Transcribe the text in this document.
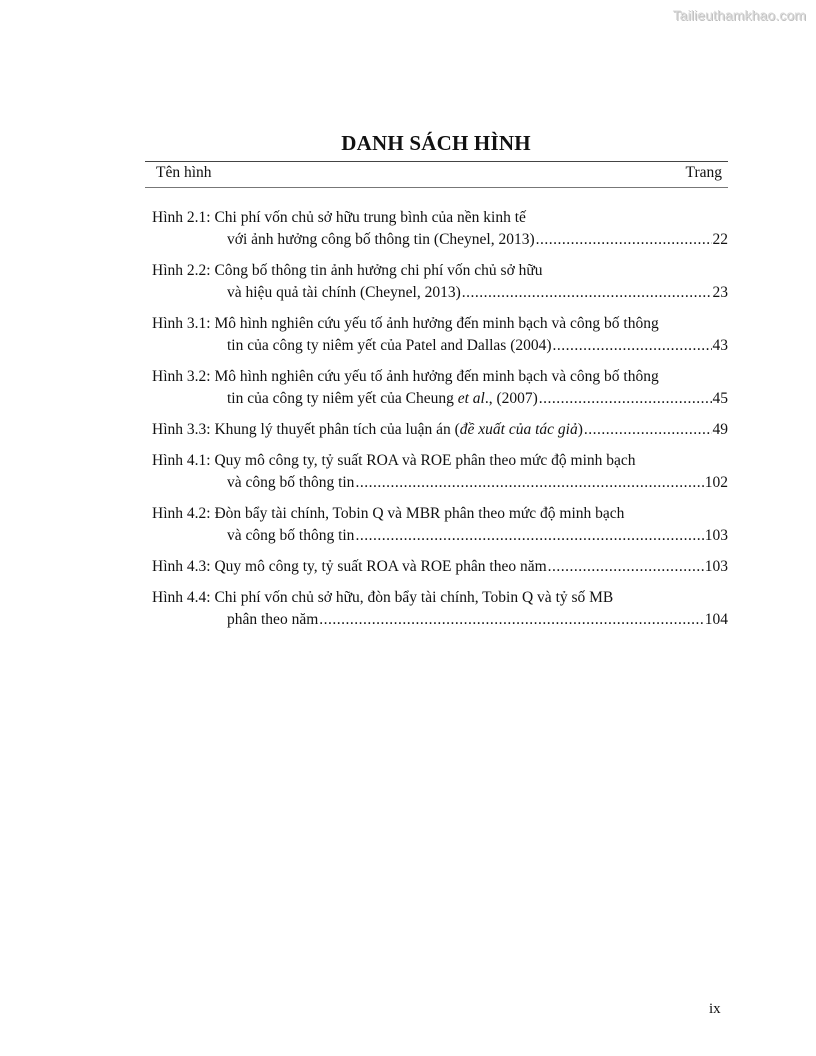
Tailieuthamkhao.com
DANH SÁCH HÌNH
Tên hình	Trang
Hình 2.1: Chi phí vốn chủ sở hữu trung bình của nền kinh tế
với ảnh hưởng công bố thông tin (Cheynel, 2013) .....	22
Hình 2.2: Công bố thông tin ảnh hưởng chi phí vốn chủ sở hữu
và hiệu quả tài chính (Cheynel, 2013) .....	23
Hình 3.1: Mô hình nghiên cứu yếu tố ảnh hưởng đến minh bạch và công bố thông
tin của công ty niêm yết của Patel and Dallas (2004) .....	43
Hình 3.2: Mô hình nghiên cứu yếu tố ảnh hưởng đến minh bạch và công bố thông
tin của công ty niêm yết của Cheung et al., (2007) .....	45
Hình 3.3: Khung lý thuyết phân tích của luận án (đề xuất của tác giả) .....	49
Hình 4.1: Quy mô công ty, tỷ suất ROA và ROE phân theo mức độ minh bạch
và công bố thông tin .....	102
Hình 4.2: Đòn bẩy tài chính, Tobin Q và MBR phân theo mức độ minh bạch
và công bố thông tin .....	103
Hình 4.3: Quy mô công ty, tỷ suất ROA và ROE phân theo năm .....	103
Hình 4.4: Chi phí vốn chủ sở hữu, đòn bẩy tài chính, Tobin Q và tỷ số MB
phân theo năm .....	104
ix
